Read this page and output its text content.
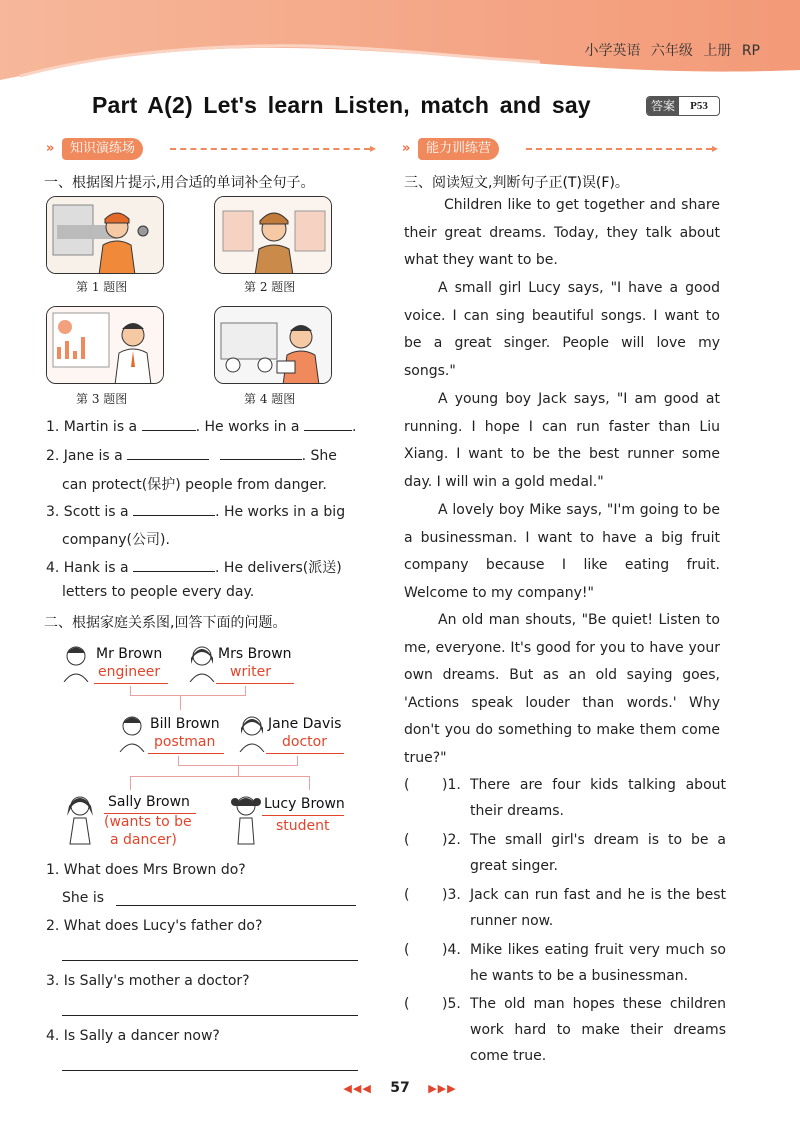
小学英语 六年级 上册 RP
Part A(2) Let's learn Listen, match and say	答案	P53
»	知识演练场	▸ »	能力训练营	▸
一、根据图片提示,用合适的单词补全句子。
第 1 题图	第 2 题图
第 3 题图	第 4 题图
1. Martin is a	. He works in a	.
2. Jane is a	. She
can protect(保护) people from danger.
3. Scott is a	. He works in a big
company(公司).
4. Hank is a	. He delivers(派送)
letters to people every day.
二、根据家庭关系图,回答下面的问题。
Mr Brown
engineer
Mrs Brown
writer
Bill Brown
postman
Jane Davis
doctor
Sally Brown
(wants to be
a dancer)
Lucy Brown
student
1. What does Mrs Brown do?
She is
2. What does Lucy's father do?
3. Is Sally's mother a doctor?
4. Is Sally a dancer now?
三、阅读短文,判断句子正(T)误(F)。
Children like to get together and share their great dreams. Today, they talk about what they want to be.
A small girl Lucy says, "I have a good voice. I can sing beautiful songs. I want to be a great singer. People will love my songs."
A young boy Jack says, "I am good at running. I hope I can run faster than Liu Xiang. I want to be the best runner some day. I will win a gold medal."
A lovely boy Mike says, "I'm going to be a businessman. I want to have a big fruit company because I like eating fruit. Welcome to my company!"
An old man shouts, "Be quiet! Listen to me, everyone. It's good for you to have your own dreams. But as an old saying goes, 'Actions speak louder than words.' Why don't you do something to make them come true?"
( )1. There are four kids talking about their dreams.
( )2. The small girl's dream is to be a great singer.
( )3. Jack can run fast and he is the best runner now.
( )4. Mike likes eating fruit very much so he wants to be a businessman.
( )5. The old man hopes these children work hard to make their dreams come true.
◀◀◀ 57 ▶▶▶
